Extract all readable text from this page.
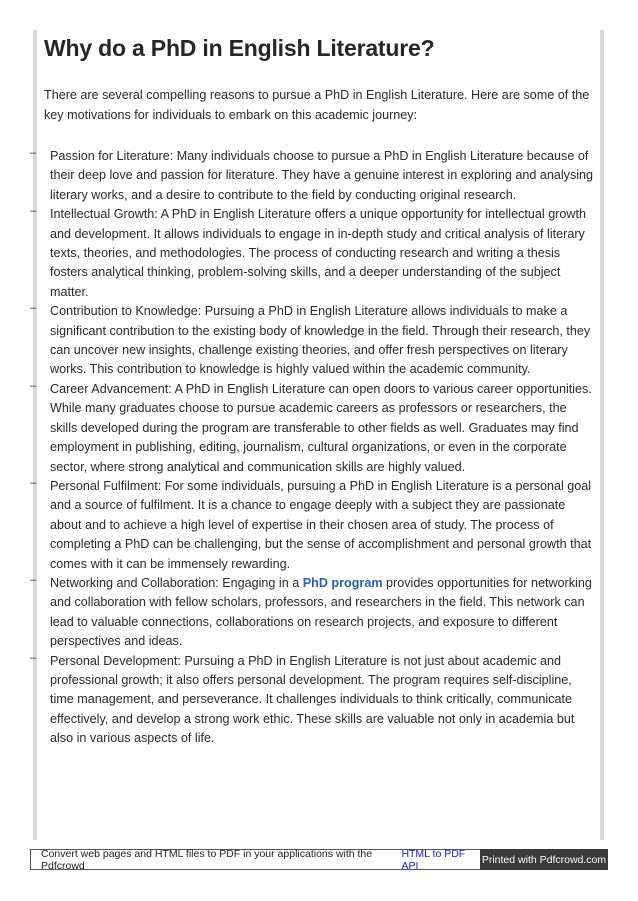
Why do a PhD in English Literature?

There are several compelling reasons to pursue a PhD in English Literature. Here are some of the key motivations for individuals to embark on this academic journey:

– Passion for Literature: Many individuals choose to pursue a PhD in English Literature because of their deep love and passion for literature. They have a genuine interest in exploring and analysing literary works, and a desire to contribute to the field by conducting original research.
– Intellectual Growth: A PhD in English Literature offers a unique opportunity for intellectual growth and development. It allows individuals to engage in in-depth study and critical analysis of literary texts, theories, and methodologies. The process of conducting research and writing a thesis fosters analytical thinking, problem-solving skills, and a deeper understanding of the subject matter.
– Contribution to Knowledge: Pursuing a PhD in English Literature allows individuals to make a significant contribution to the existing body of knowledge in the field. Through their research, they can uncover new insights, challenge existing theories, and offer fresh perspectives on literary works. This contribution to knowledge is highly valued within the academic community.
– Career Advancement: A PhD in English Literature can open doors to various career opportunities. While many graduates choose to pursue academic careers as professors or researchers, the skills developed during the program are transferable to other fields as well. Graduates may find employment in publishing, editing, journalism, cultural organizations, or even in the corporate sector, where strong analytical and communication skills are highly valued.
– Personal Fulfilment: For some individuals, pursuing a PhD in English Literature is a personal goal and a source of fulfilment. It is a chance to engage deeply with a subject they are passionate about and to achieve a high level of expertise in their chosen area of study. The process of completing a PhD can be challenging, but the sense of accomplishment and personal growth that comes with it can be immensely rewarding.
– Networking and Collaboration: Engaging in a PhD program provides opportunities for networking and collaboration with fellow scholars, professors, and researchers in the field. This network can lead to valuable connections, collaborations on research projects, and exposure to different perspectives and ideas.
– Personal Development: Pursuing a PhD in English Literature is not just about academic and professional growth; it also offers personal development. The program requires self-discipline, time management, and perseverance. It challenges individuals to think critically, communicate effectively, and develop a strong work ethic. These skills are valuable not only in academia but also in various aspects of life.
Convert web pages and HTML files to PDF in your applications with the Pdfcrowd
HTML to PDF API	Printed with Pdfcrowd.com
